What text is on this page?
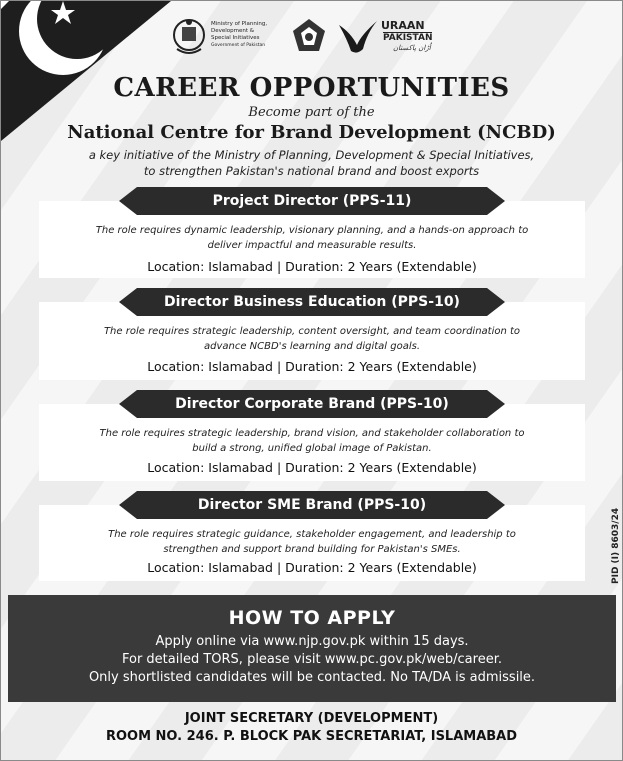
Ministry of Planning,
Development &
Special Initiatives
Government of Pakistan
URAAN
PAKISTAN
اُڑان پاکستان
CAREER OPPORTUNITIES
Become part of the
National Centre for Brand Development (NCBD)
a key initiative of the Ministry of Planning, Development & Special Initiatives,
to strengthen Pakistan's national brand and boost exports
Project Director (PPS-11)
The role requires dynamic leadership, visionary planning, and a hands-on approach to
deliver impactful and measurable results.
Location: Islamabad | Duration: 2 Years (Extendable)
Director Business Education (PPS-10)
The role requires strategic leadership, content oversight, and team coordination to
advance NCBD's learning and digital goals.
Location: Islamabad | Duration: 2 Years (Extendable)
Director Corporate Brand (PPS-10)
The role requires strategic leadership, brand vision, and stakeholder collaboration to
build a strong, unified global image of Pakistan.
Location: Islamabad | Duration: 2 Years (Extendable)
Director SME Brand (PPS-10)
The role requires strategic guidance, stakeholder engagement, and leadership to
strengthen and support brand building for Pakistan's SMEs.
Location: Islamabad | Duration: 2 Years (Extendable)	PID (I) 8603/24
HOW TO APPLY
Apply online via www.njp.gov.pk within 15 days.
For detailed TORS, please visit www.pc.gov.pk/web/career.
Only shortlisted candidates will be contacted. No TA/DA is admissile.
JOINT SECRETARY (DEVELOPMENT)
ROOM NO. 246. P. BLOCK PAK SECRETARIAT, ISLAMABAD
